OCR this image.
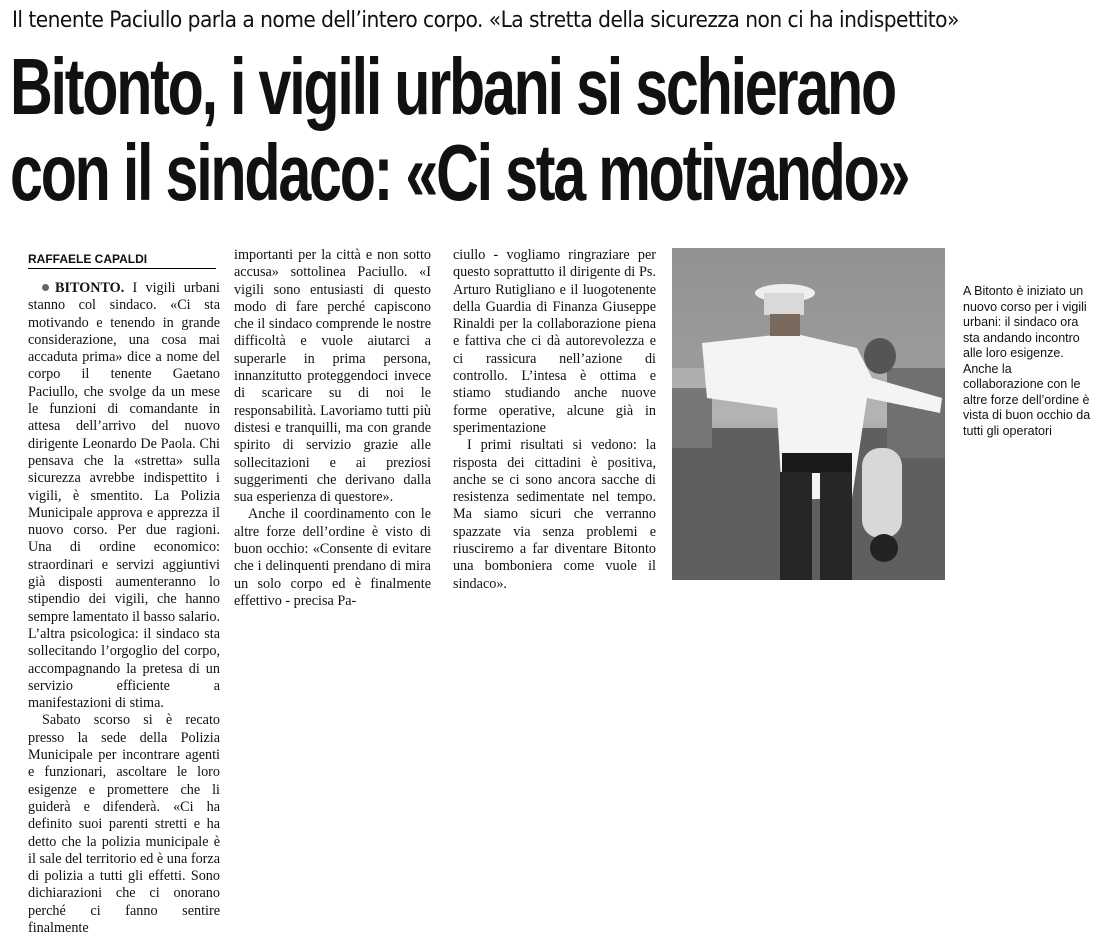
Il tenente Paciullo parla a nome dell’intero corpo. «La stretta della sicurezza non ci ha indispettito»
Bitonto, i vigili urbani si schierano
con il sindaco: «Ci sta motivando»
RAFFAELE CAPALDI

BITONTO. I vigili urbani stanno col sindaco. «Ci sta motivando e tenendo in grande considerazione, una cosa mai accaduta prima» dice a nome del corpo il tenente Gaetano Paciullo, che svolge da un mese le funzioni di comandante in attesa dell’arrivo del nuovo dirigente Leonardo De Paola. Chi pensava che la «stretta» sulla sicurezza avrebbe indispettito i vigili, è smentito. La Polizia Municipale approva e apprezza il nuovo corso. Per due ragioni. Una di ordine economico: straordinari e servizi aggiuntivi già disposti aumenteranno lo stipendio dei vigili, che hanno sempre lamentato il basso salario. L’altra psicologica: il sindaco sta sollecitando l’orgoglio del corpo, accompagnando la pretesa di un servizio efficiente a manifestazioni di stima.

Sabato scorso si è recato presso la sede della Polizia Municipale per incontrare agenti e funzionari, ascoltare le loro esigenze e promettere che li guiderà e difenderà. «Ci ha definito suoi parenti stretti e ha detto che la polizia municipale è il sale del territorio ed è una forza di polizia a tutti gli effetti. Sono dichiarazioni che ci onorano perché ci fanno sentire finalmente

importanti per la città e non sotto accusa» sottolinea Paciullo. «I vigili sono entusiasti di questo modo di fare perché capiscono che il sindaco comprende le nostre difficoltà e vuole aiutarci a superarle in prima persona, innanzitutto proteggendoci invece di scaricare su di noi le responsabilità. Lavoriamo tutti più distesi e tranquilli, ma con grande spirito di servizio grazie alle sollecitazioni e ai preziosi suggerimenti che derivano dalla sua esperienza di questore».

Anche il coordinamento con le altre forze dell’ordine è visto di buon occhio: «Consente di evitare che i delinquenti prendano di mira un solo corpo ed è finalmente effettivo - precisa Pa-

ciullo - vogliamo ringraziare per questo soprattutto il dirigente di Ps. Arturo Rutigliano e il luogotenente della Guardia di Finanza Giuseppe Rinaldi per la collaborazione piena e fattiva che ci dà autorevolezza e ci rassicura nell’azione di controllo. L’intesa è ottima e stiamo studiando anche nuove forme operative, alcune già in sperimentazione

I primi risultati si vedono: la risposta dei cittadini è positiva, anche se ci sono ancora sacche di resistenza sedimentate nel tempo. Ma siamo sicuri che verranno spazzate via senza problemi e riusciremo a far diventare Bitonto una bomboniera come vuole il sindaco».

A Bitonto è iniziato un nuovo corso per i vigili urbani: il sindaco ora sta andando incontro alle loro esigenze. Anche la collaborazione con le altre forze dell’ordine è vista di buon occhio da tutti gli operatori
